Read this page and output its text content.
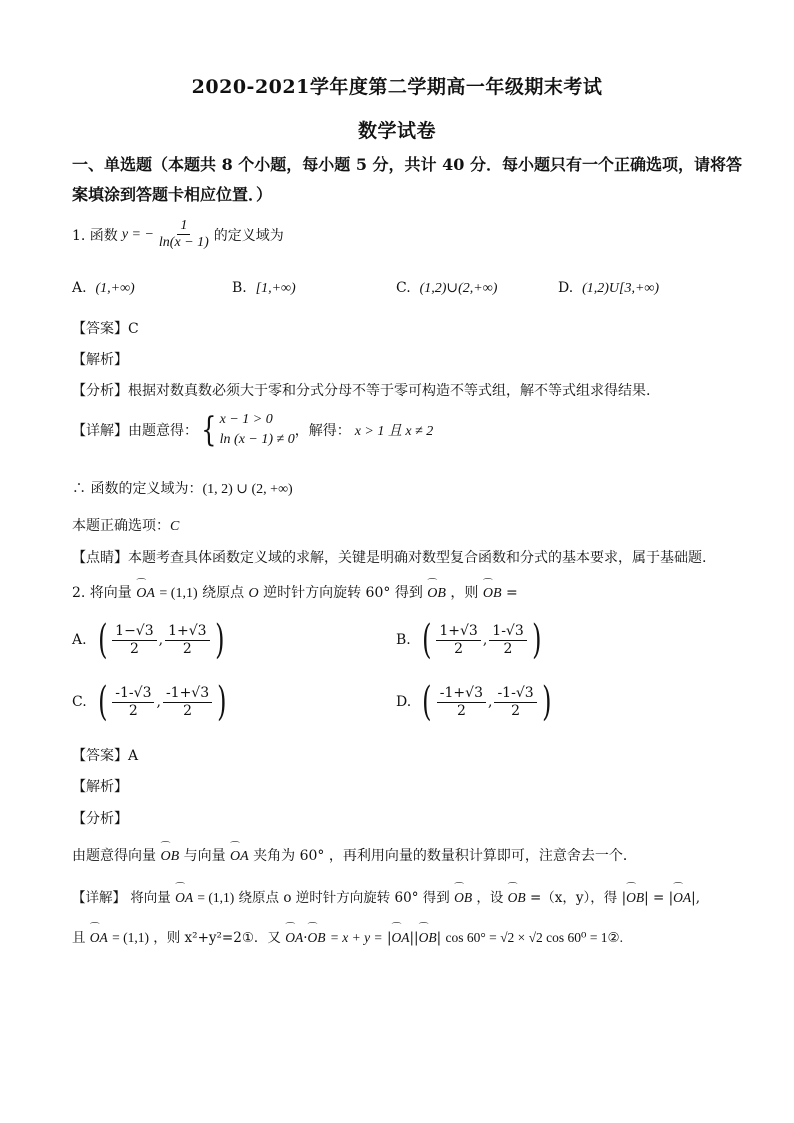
2020-2021学年度第二学期高一年级期末考试
数学试卷
一、单选题（本题共 8 个小题，每小题 5 分，共计 40 分．每小题只有一个正确选项，请将答
案填涂到答题卡相应位置．）
1. 函数 y = − $\frac{1}{\ln(x - 1)}$ 的定义域为
A. (1,+∞)	B. [1,+∞)	C. (1,2)∪(2,+∞)	D. (1,2)U[3,+∞)
【答案】C
【解析】
【分析】根据对数真数必须大于零和分式分母不等于零可构造不等式组，解不等式组求得结果.
【详解】 由题意得： { x − 1 > 0
ln (x − 1) ≠ 0
，解得： x > 1 且 x ≠ 2
∴ 函数的定义域为：(1, 2) ∪ (2, +∞)
本题正确选项：C
【点睛】本题考查具体函数定义域的求解，关键是明确对数型复合函数和分式的基本要求，属于基础题.
2. 将向量 ⌒ OA = (1,1) 绕原点 O 逆时针方向旋转 60° 得到 ⌒ OB ，则 ⌒ OB =
A. ( $\frac{1-√3}{2}$ , $\frac{1+√3}{2}$ )	B. ( $\frac{1+√3}{2}$ , $\frac{1-√3}{2}$ )
C. ( $\frac{-1-√3}{2}$ , $\frac{-1+√3}{2}$ )	D. ( $\frac{-1+√3}{2}$ , $\frac{-1-√3}{2}$ )
【答案】A
【解析】
【分析】
由题意得向量 ⌒ OB 与向量 ⌒ OA 夹角为 60° ，再利用向量的数量积计算即可，注意舍去一个．
【详解】 将向量 ⌒ OA = (1,1) 绕原点 o 逆时针方向旋转 60° 得到 ⌒ OB ，设 ⌒ OB =（x，y），得 |⌒ OB| = |⌒ OA|,
且 ⌒ OA = (1,1) ，则 x²+y²=2①．又 ⌒ OA·⌒ OB = x + y = |⌒ OA||⌒ OB| cos 60° = √2 × √2 cos 60⁰ = 1②.
